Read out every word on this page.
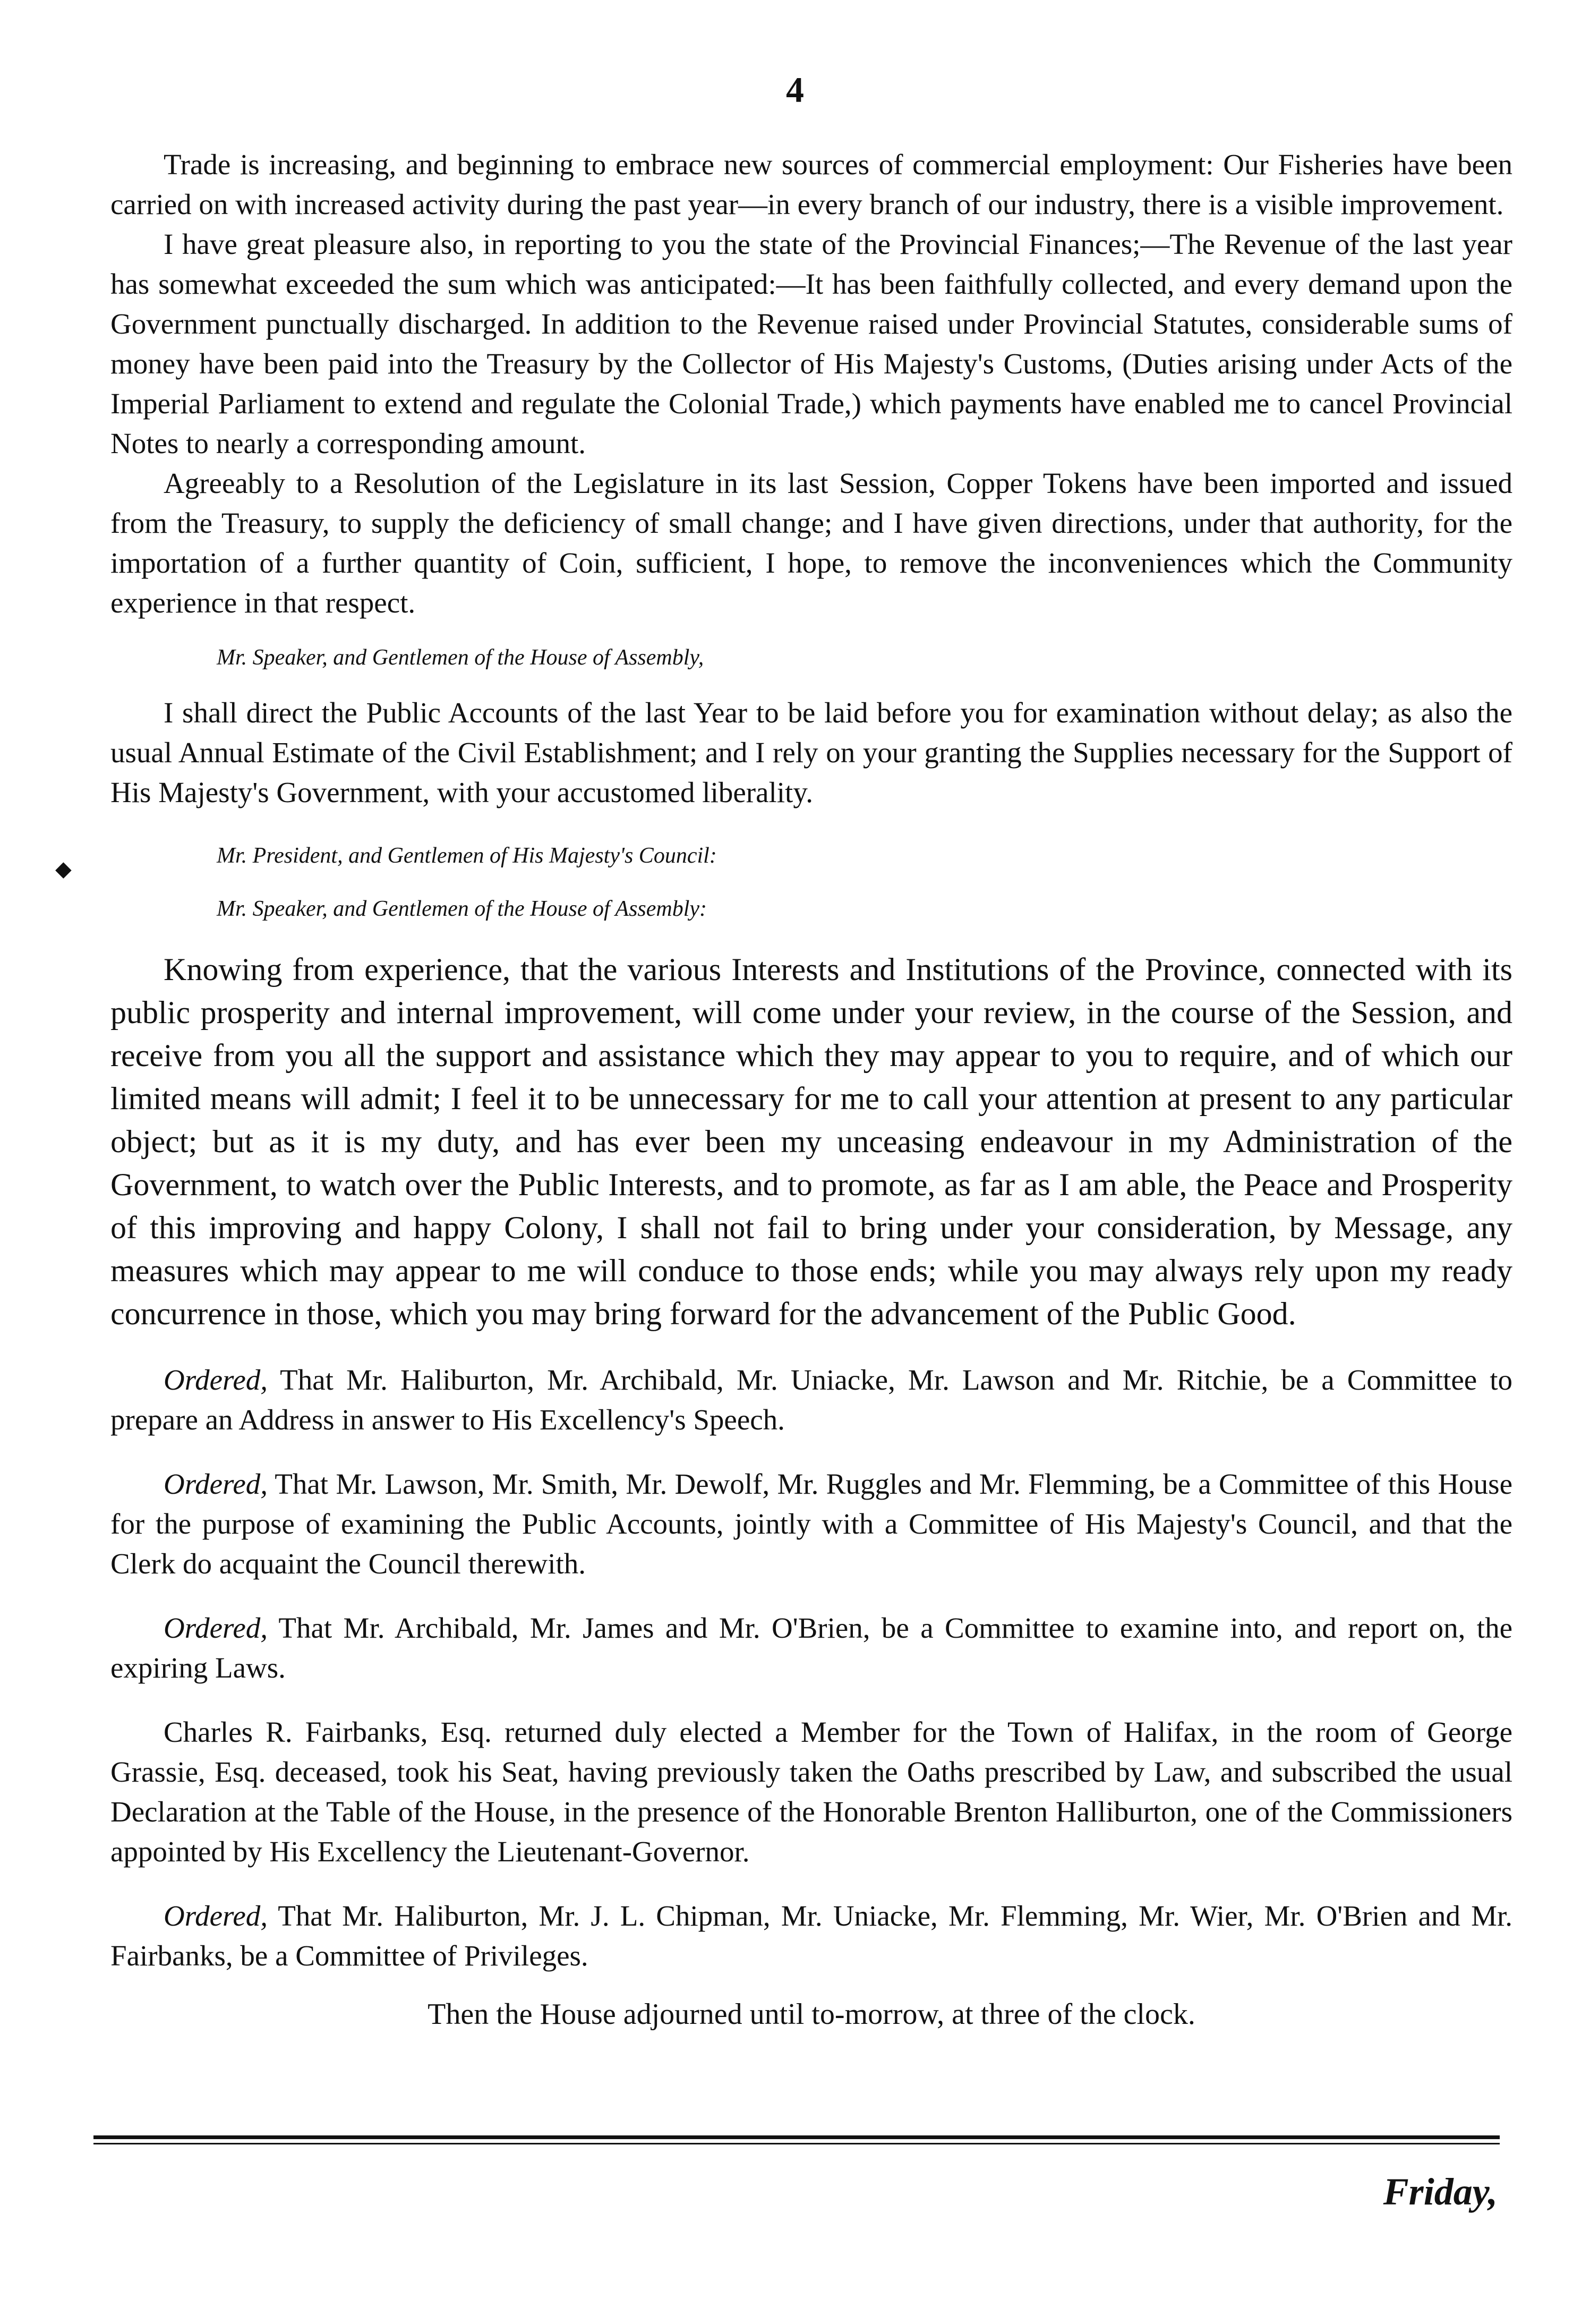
4
◆

Trade is increasing, and beginning to embrace new sources of commercial employment: Our Fisheries have been carried on with increased activity during the past year—in every branch of our industry, there is a visible improvement.

I have great pleasure also, in reporting to you the state of the Provincial Finances;—The Revenue of the last year has somewhat exceeded the sum which was anticipated:—It has been faithfully collected, and every demand upon the Government punctually discharged. In addition to the Revenue raised under Provincial Statutes, considerable sums of money have been paid into the Treasury by the Collector of His Majesty's Customs, (Duties arising under Acts of the Imperial Parliament to extend and regulate the Colonial Trade,) which payments have enabled me to cancel Provincial Notes to nearly a corresponding amount.

Agreeably to a Resolution of the Legislature in its last Session, Copper Tokens have been imported and issued from the Treasury, to supply the deficiency of small change; and I have given directions, under that authority, for the importation of a further quantity of Coin, sufficient, I hope, to remove the inconveniences which the Community experience in that respect.

Mr. Speaker, and Gentlemen of the House of Assembly,

I shall direct the Public Accounts of the last Year to be laid before you for examination without delay; as also the usual Annual Estimate of the Civil Establishment; and I rely on your granting the Supplies necessary for the Support of His Majesty's Government, with your accustomed liberality.

Mr. President, and Gentlemen of His Majesty's Council:
Mr. Speaker, and Gentlemen of the House of Assembly:

Knowing from experience, that the various Interests and Institutions of the Province, connected with its public prosperity and internal improvement, will come under your review, in the course of the Session, and receive from you all the support and assistance which they may appear to you to require, and of which our limited means will admit; I feel it to be unnecessary for me to call your attention at present to any particular object; but as it is my duty, and has ever been my unceasing endeavour in my Administration of the Government, to watch over the Public Interests, and to promote, as far as I am able, the Peace and Prosperity of this improving and happy Colony, I shall not fail to bring under your consideration, by Message, any measures which may appear to me will conduce to those ends; while you may always rely upon my ready concurrence in those, which you may bring forward for the advancement of the Public Good.

Ordered, That Mr. Haliburton, Mr. Archibald, Mr. Uniacke, Mr. Lawson and Mr. Ritchie, be a Committee to prepare an Address in answer to His Excellency's Speech.

Ordered, That Mr. Lawson, Mr. Smith, Mr. Dewolf, Mr. Ruggles and Mr. Flemming, be a Committee of this House for the purpose of examining the Public Accounts, jointly with a Committee of His Majesty's Council, and that the Clerk do acquaint the Council therewith.

Ordered, That Mr. Archibald, Mr. James and Mr. O'Brien, be a Committee to examine into, and report on, the expiring Laws.

Charles R. Fairbanks, Esq. returned duly elected a Member for the Town of Halifax, in the room of George Grassie, Esq. deceased, took his Seat, having previously taken the Oaths prescribed by Law, and subscribed the usual Declaration at the Table of the House, in the presence of the Honorable Brenton Halliburton, one of the Commissioners appointed by His Excellency the Lieutenant-Governor.

Ordered, That Mr. Haliburton, Mr. J. L. Chipman, Mr. Uniacke, Mr. Flemming, Mr. Wier, Mr. O'Brien and Mr. Fairbanks, be a Committee of Privileges.

Then the House adjourned until to-morrow, at three of the clock.

Friday,
